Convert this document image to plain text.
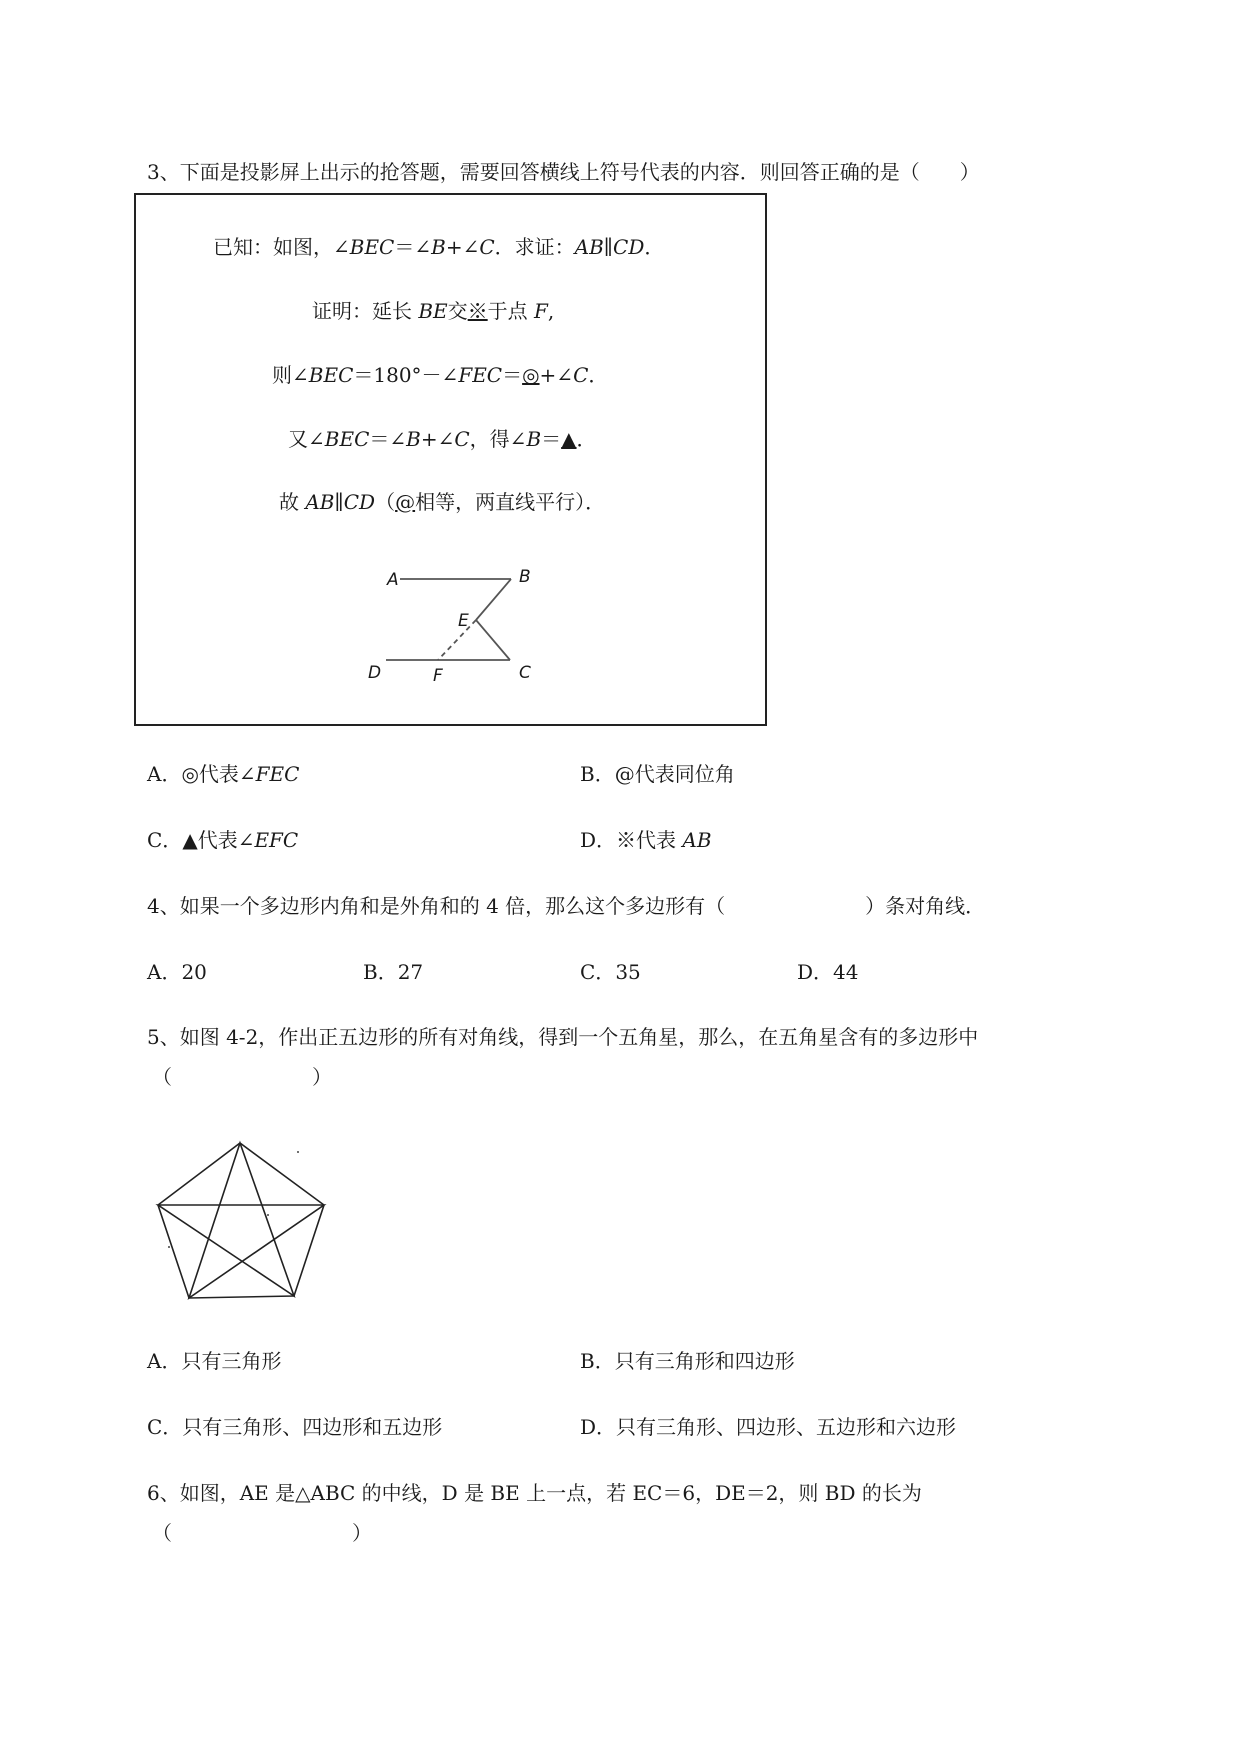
3、下面是投影屏上出示的抢答题，需要回答横线上符号代表的内容．则回答正确的是（　　）
已知：如图，∠BEC＝∠B+∠C．求证：AB∥CD．
证明：延长 BE交※于点 F,
则∠BEC＝180°－∠FEC＝◎+∠C．
又∠BEC＝∠B+∠C，得∠B＝▲．
故 AB∥CD（@相等，两直线平行）．
A	B
E
D	F	C
A．◎代表∠FEC	B．@代表同位角
C．▲代表∠EFC	D．※代表 AB
4、如果一个多边形内角和是外角和的 4 倍，那么这个多边形有（　　　　　　　）条对角线．
A．20	B．27	C．35	D．44
5、如图 4-2，作出正五边形的所有对角线，得到一个五角星，那么，在五角星含有的多边形中
（　　　　　　　）
A．只有三角形	B．只有三角形和四边形
C．只有三角形、四边形和五边形	D．只有三角形、四边形、五边形和六边形
6、如图，AE 是△ABC 的中线，D 是 BE 上一点，若 EC＝6，DE＝2，则 BD 的长为
（　　　　　　　　　）
